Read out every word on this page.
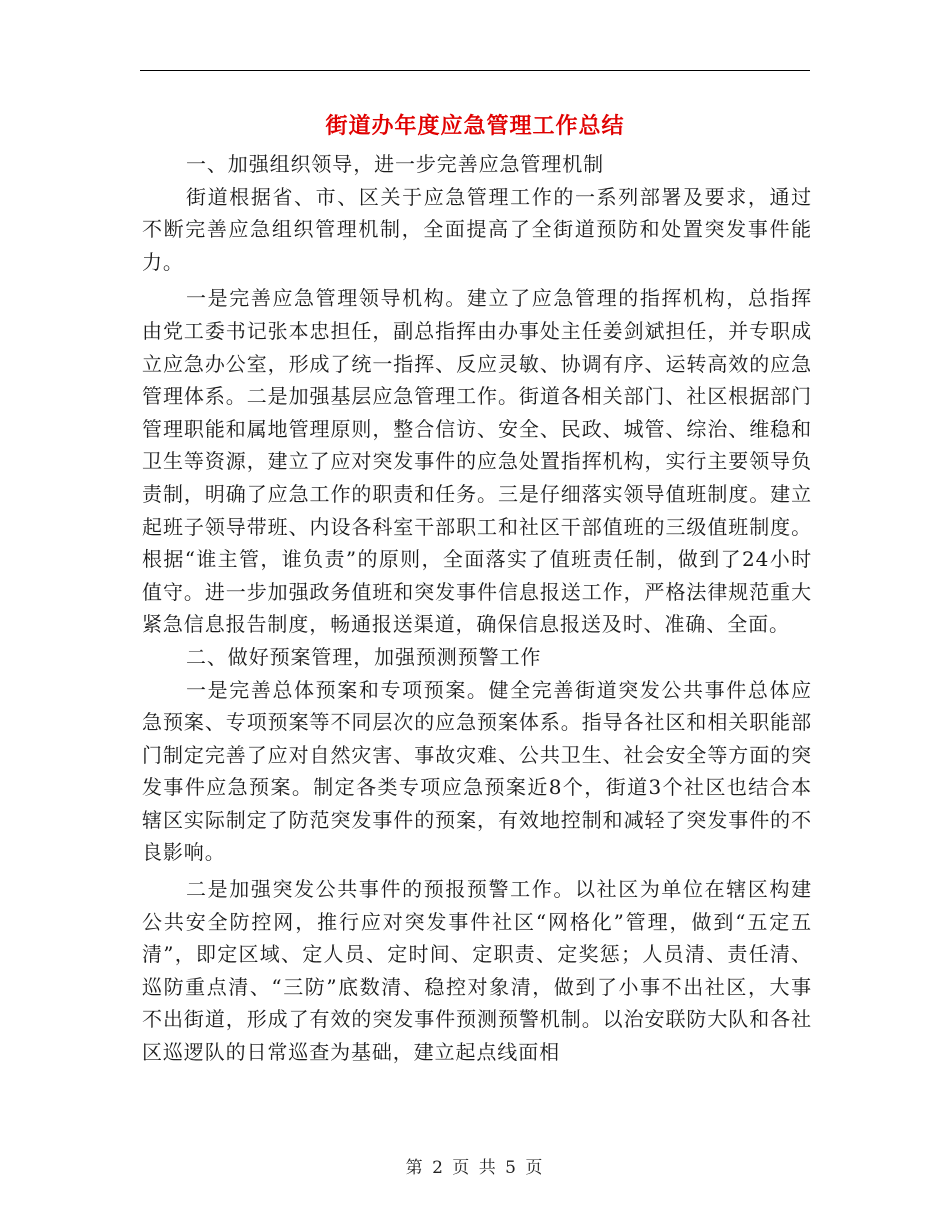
街道办年度应急管理工作总结

一、加强组织领导，进一步完善应急管理机制

街道根据省、市、区关于应急管理工作的一系列部署及要求，通过不断完善应急组织管理机制，全面提高了全街道预防和处置突发事件能力。

一是完善应急管理领导机构。建立了应急管理的指挥机构，总指挥由党工委书记张本忠担任，副总指挥由办事处主任姜剑斌担任，并专职成立应急办公室，形成了统一指挥、反应灵敏、协调有序、运转高效的应急管理体系。二是加强基层应急管理工作。街道各相关部门、社区根据部门管理职能和属地管理原则，整合信访、安全、民政、城管、综治、维稳和卫生等资源，建立了应对突发事件的应急处置指挥机构，实行主要领导负责制，明确了应急工作的职责和任务。三是仔细落实领导值班制度。建立起班子领导带班、内设各科室干部职工和社区干部值班的三级值班制度。根据“谁主管，谁负责”的原则，全面落实了值班责任制，做到了24小时值守。进一步加强政务值班和突发事件信息报送工作，严格法律规范重大紧急信息报告制度，畅通报送渠道，确保信息报送及时、准确、全面。

二、做好预案管理，加强预测预警工作

一是完善总体预案和专项预案。健全完善街道突发公共事件总体应急预案、专项预案等不同层次的应急预案体系。指导各社区和相关职能部门制定完善了应对自然灾害、事故灾难、公共卫生、社会安全等方面的突发事件应急预案。制定各类专项应急预案近8个，街道3个社区也结合本辖区实际制定了防范突发事件的预案，有效地控制和减轻了突发事件的不良影响。

二是加强突发公共事件的预报预警工作。以社区为单位在辖区构建公共安全防控网，推行应对突发事件社区“网格化”管理，做到“五定五清”，即定区域、定人员、定时间、定职责、定奖惩；人员清、责任清、巡防重点清、“三防”底数清、稳控对象清，做到了小事不出社区，大事不出街道，形成了有效的突发事件预测预警机制。以治安联防大队和各社区巡逻队的日常巡查为基础，建立起点线面相

第 2 页 共 5 页
